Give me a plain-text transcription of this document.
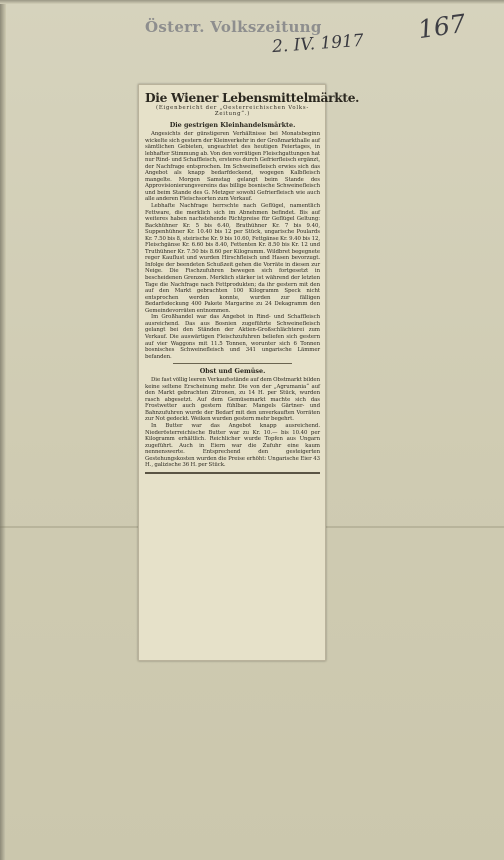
Österr. Volkszeitung
2. IV. 1917 167
Die Wiener Lebensmittelmärkte.
(Eigenbericht der „Oesterreichischen Volks-Zeitung“.)
Die gestrigen Kleinhandelsmärkte.

Angesichts der günstigeren Verhältnisse bei Monatsbeginn wickelte sich gestern der Kleinverkehr in der Großmarkthalle auf sämtlichen Gebieten, ungeachtet des heutigen Feiertages, in lebhafter Stimmung ab. Von den vorrätigen Fleischgattungen hat nur Rind- und Schaffleisch, ersteres durch Gefrierfleisch ergänzt, der Nachfrage entsprochen. Im Schweinefleisch erwies sich das Angebot als knapp bedarfdeckend, wogegen Kalbfleisch mangelte. Morgen Samstag gelangt beim Stande des Approvisionierungsvereins das billige bosnische Schweinefleisch und beim Stande des G. Metzger sowohl Gefrierfleisch wie auch alle anderen Fleischsorten zum Verkauf.

Lebhafte Nachfrage herrschte nach Geflügel, namentlich Fettware, die merklich sich im Abnehmen befindet. Bis auf weiteres haben nachstehende Richtpreise für Geflügel Geltung: Backhühner Kr. 5 bis 6.40, Brathühner Kr. 7 bis 9.40, Suppenhühner Kr. 10.40 bis 12 per Stück, ungarische Poulards Kr. 7.50 bis 8, steirische Kr. 9 bis 10.60, Fettgänse Kr. 9.40 bis 12, Fleischgänse Kr. 6.60 bis 8.40, Fettenten Kr. 8.50 bis Kr. 12 und Truthühner Kr. 7.50 bis 8.60 per Kilogramm. Wildbret begegnete reger Kauflust und wurden Hirschfleisch und Hasen bevorzugt. Infolge der beendeten Schußzeit gehen die Vorräte in diesen zur Neige. Die Fischzufuhren bewegen sich fortgesetzt in bescheidenen Grenzen. Merklich stärker ist während der letzten Tage die Nachfrage nach Fettprodukten; da ihr gestern mit den auf den Markt gebrachten 100 Kilogramm Speck nicht entsprochen werden konnte, wurden zur fälligen Bedarfsdeckung 400 Pakete Margarine zu 24 Dekagramm den Gemeindevorräten entnommen.

Im Großhandel war das Angebot in Rind- und Schaffleisch ausreichend. Das aus Bosnien zugeführte Schweinefleisch gelangt bei den Ständen der Aktien-Großschlächterei zum Verkauf. Die auswärtigen Fleischzufuhren beliefen sich gestern auf vier Waggons mit 11.5 Tonnen, worunter sich 6 Tonnen bosnisches Schweinefleisch und 341 ungarische Lämmer befanden.

Obst und Gemüse.

Die fast völlig leeren Verkaufsstände auf dem Obstmarkt bilden keine seltene Erscheinung mehr. Die von der „Agrumania“ auf den Markt gebrachten Zitronen, zu 14 H. per Stück, wurden rasch abgesetzt. Auf dem Gemüsemarkt machte sich das Frostwetter auch gestern fühlbar. Mangels Gärtner- und Bahnzufuhren wurde der Bedarf mit den unverkauften Vorräten zur Not gedeckt. Weiken wurden gestern mehr begehrt.

In Butter war das Angebot knapp ausreichend. Niederösterreichische Butter war zu Kr. 10.— bis 10.40 per Kilogramm erhältlich. Reichlicher wurde Topfen aus Ungarn zugeführt. Auch in Eiern war die Zufuhr eine kaum nennenswerte. Entsprechend den gesteigerten Gestehungskosten wurden die Preise erhöht: Ungarische Eier 43 H., galizische 36 H. per Stück.
